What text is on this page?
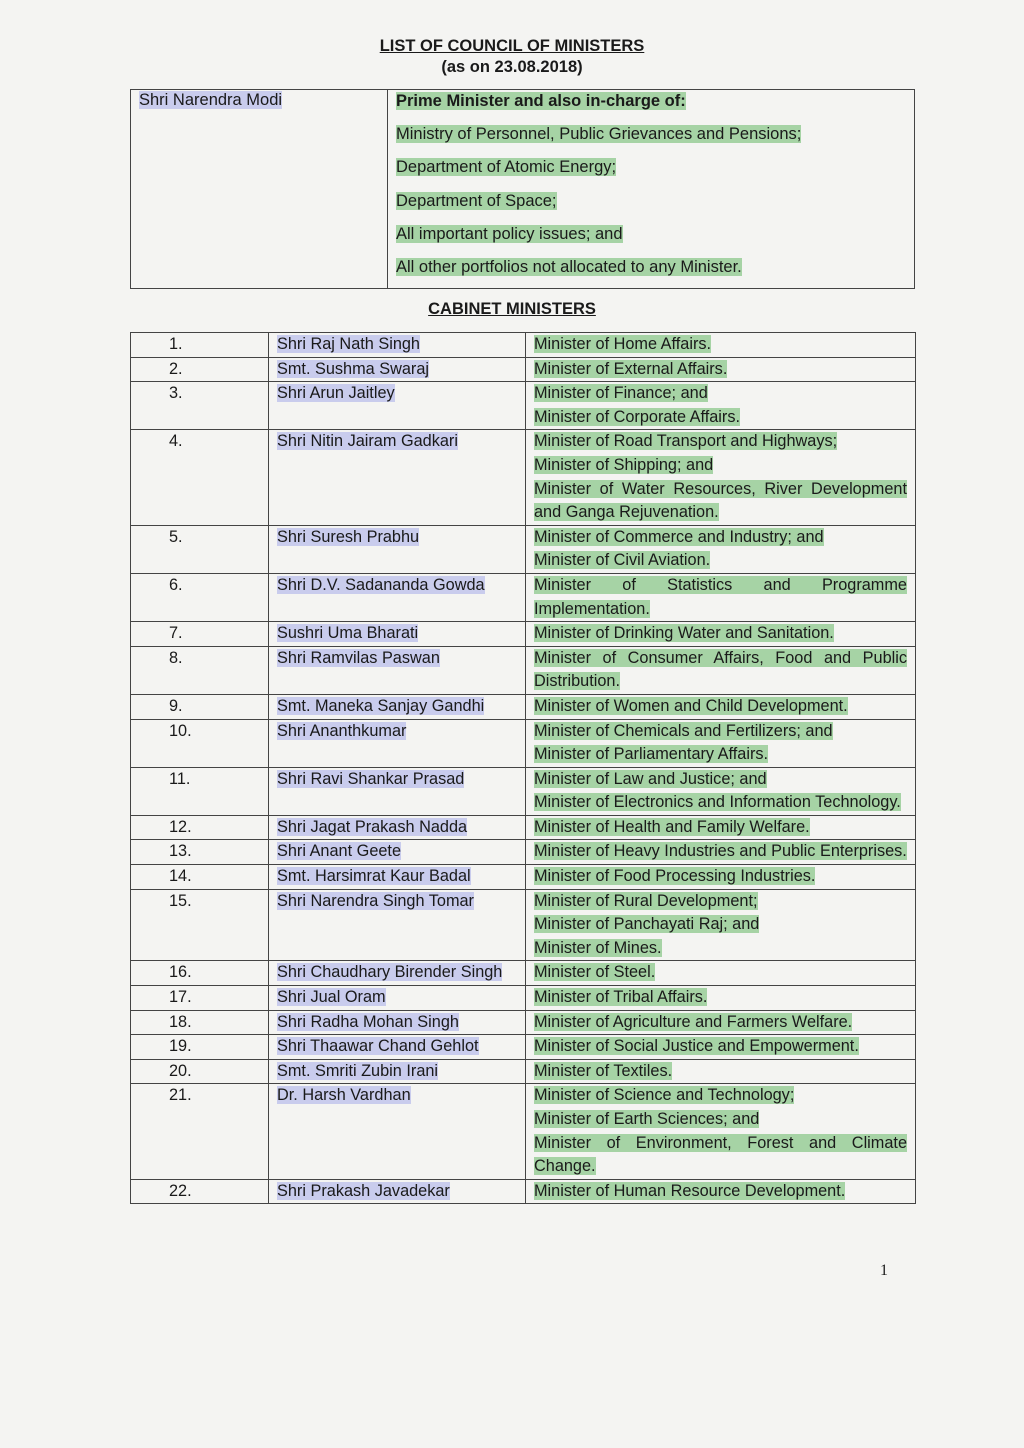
LIST OF COUNCIL OF MINISTERS
(as on 23.08.2018)
Shri Narendra Modi	Prime Minister and also in-charge of:
Ministry of Personnel, Public Grievances and Pensions;
Department of Atomic Energy;
Department of Space;
All important policy issues; and
All other portfolios not allocated to any Minister.
CABINET MINISTERS
1.	Shri Raj Nath Singh	Minister of Home Affairs.
2.	Smt. Sushma Swaraj	Minister of External Affairs.
3.	Shri Arun Jaitley	Minister of Finance; and
Minister of Corporate Affairs.
4.	Shri Nitin Jairam Gadkari	Minister of Road Transport and Highways;
Minister of Shipping; and
Minister of Water Resources, River Development and Ganga Rejuvenation.
5.	Shri Suresh Prabhu	Minister of Commerce and Industry; and
Minister of Civil Aviation.
6.	Shri D.V. Sadananda Gowda	Minister of Statistics and Programme Implementation.
7.	Sushri Uma Bharati	Minister of Drinking Water and Sanitation.
8.	Shri Ramvilas Paswan	Minister of Consumer Affairs, Food and Public Distribution.
9.	Smt. Maneka Sanjay Gandhi	Minister of Women and Child Development.
10.	Shri Ananthkumar	Minister of Chemicals and Fertilizers; and
Minister of Parliamentary Affairs.
11.	Shri Ravi Shankar Prasad	Minister of Law and Justice; and
Minister of Electronics and Information Technology.
12.	Shri Jagat Prakash Nadda	Minister of Health and Family Welfare.
13.	Shri Anant Geete	Minister of Heavy Industries and Public Enterprises.
14.	Smt. Harsimrat Kaur Badal	Minister of Food Processing Industries.
15.	Shri Narendra Singh Tomar	Minister of Rural Development;
Minister of Panchayati Raj; and
Minister of Mines.
16.	Shri Chaudhary Birender Singh	Minister of Steel.
17.	Shri Jual Oram	Minister of Tribal Affairs.
18.	Shri Radha Mohan Singh	Minister of Agriculture and Farmers Welfare.
19.	Shri Thaawar Chand Gehlot	Minister of Social Justice and Empowerment.
20.	Smt. Smriti Zubin Irani	Minister of Textiles.
21.	Dr. Harsh Vardhan	Minister of Science and Technology;
Minister of Earth Sciences; and
Minister of Environment, Forest and Climate Change.
22.	Shri Prakash Javadekar	Minister of Human Resource Development.
1
